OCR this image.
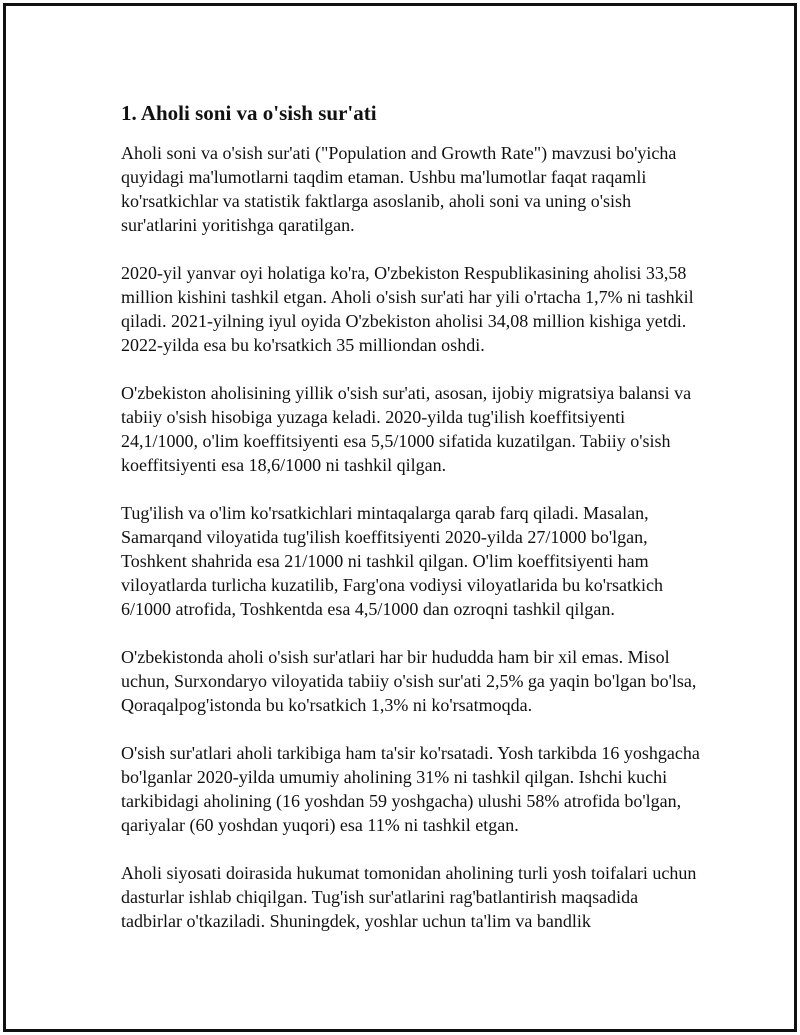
1. Aholi soni va o'sish sur'ati

Aholi soni va o'sish sur'ati ("Population and Growth Rate") mavzusi bo'yicha quyidagi ma'lumotlarni taqdim etaman. Ushbu ma'lumotlar faqat raqamli ko'rsatkichlar va statistik faktlarga asoslanib, aholi soni va uning o'sish sur'atlarini yoritishga qaratilgan.

2020-yil yanvar oyi holatiga ko'ra, O'zbekiston Respublikasining aholisi 33,58 million kishini tashkil etgan. Aholi o'sish sur'ati har yili o'rtacha 1,7% ni tashkil qiladi. 2021-yilning iyul oyida O'zbekiston aholisi 34,08 million kishiga yetdi. 2022-yilda esa bu ko'rsatkich 35 milliondan oshdi.

O'zbekiston aholisining yillik o'sish sur'ati, asosan, ijobiy migratsiya balansi va tabiiy o'sish hisobiga yuzaga keladi. 2020-yilda tug'ilish koeffitsiyenti 24,1/1000, o'lim koeffitsiyenti esa 5,5/1000 sifatida kuzatilgan. Tabiiy o'sish koeffitsiyenti esa 18,6/1000 ni tashkil qilgan.

Tug'ilish va o'lim ko'rsatkichlari mintaqalarga qarab farq qiladi. Masalan, Samarqand viloyatida tug'ilish koeffitsiyenti 2020-yilda 27/1000 bo'lgan, Toshkent shahrida esa 21/1000 ni tashkil qilgan. O'lim koeffitsiyenti ham viloyatlarda turlicha kuzatilib, Farg'ona vodiysi viloyatlarida bu ko'rsatkich 6/1000 atrofida, Toshkentda esa 4,5/1000 dan ozroqni tashkil qilgan.

O'zbekistonda aholi o'sish sur'atlari har bir hududda ham bir xil emas. Misol uchun, Surxondaryo viloyatida tabiiy o'sish sur'ati 2,5% ga yaqin bo'lgan bo'lsa, Qoraqalpog'istonda bu ko'rsatkich 1,3% ni ko'rsatmoqda.

O'sish sur'atlari aholi tarkibiga ham ta'sir ko'rsatadi. Yosh tarkibda 16 yoshgacha bo'lganlar 2020-yilda umumiy aholining 31% ni tashkil qilgan. Ishchi kuchi tarkibidagi aholining (16 yoshdan 59 yoshgacha) ulushi 58% atrofida bo'lgan, qariyalar (60 yoshdan yuqori) esa 11% ni tashkil etgan.

Aholi siyosati doirasida hukumat tomonidan aholining turli yosh toifalari uchun dasturlar ishlab chiqilgan. Tug'ish sur'atlarini rag'batlantirish maqsadida tadbirlar o'tkaziladi. Shuningdek, yoshlar uchun ta'lim va bandlik
